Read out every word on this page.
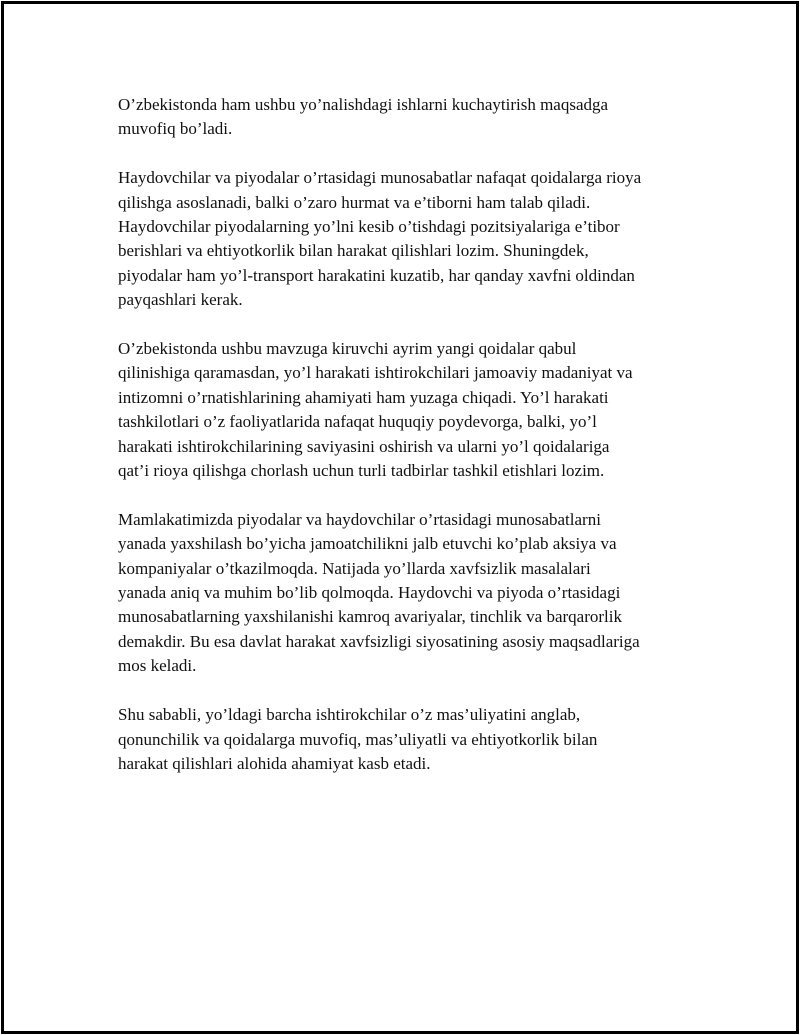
O’zbekistonda ham ushbu yo’nalishdagi ishlarni kuchaytirish maqsadga
muvofiq bo’ladi.

Haydovchilar va piyodalar o’rtasidagi munosabatlar nafaqat qoidalarga rioya
qilishga asoslanadi, balki o’zaro hurmat va e’tiborni ham talab qiladi.
Haydovchilar piyodalarning yo’lni kesib o’tishdagi pozitsiyalariga e’tibor
berishlari va ehtiyotkorlik bilan harakat qilishlari lozim. Shuningdek,
piyodalar ham yo’l-transport harakatini kuzatib, har qanday xavfni oldindan
payqashlari kerak.

O’zbekistonda ushbu mavzuga kiruvchi ayrim yangi qoidalar qabul
qilinishiga qaramasdan, yo’l harakati ishtirokchilari jamoaviy madaniyat va
intizomni o’rnatishlarining ahamiyati ham yuzaga chiqadi. Yo’l harakati
tashkilotlari o’z faoliyatlarida nafaqat huquqiy poydevorga, balki, yo’l
harakati ishtirokchilarining saviyasini oshirish va ularni yo’l qoidalariga
qat’i rioya qilishga chorlash uchun turli tadbirlar tashkil etishlari lozim.

Mamlakatimizda piyodalar va haydovchilar o’rtasidagi munosabatlarni
yanada yaxshilash bo’yicha jamoatchilikni jalb etuvchi ko’plab aksiya va
kompaniyalar o’tkazilmoqda. Natijada yo’llarda xavfsizlik masalalari
yanada aniq va muhim bo’lib qolmoqda. Haydovchi va piyoda o’rtasidagi
munosabatlarning yaxshilanishi kamroq avariyalar, tinchlik va barqarorlik
demakdir. Bu esa davlat harakat xavfsizligi siyosatining asosiy maqsadlariga
mos keladi.

Shu sababli, yo’ldagi barcha ishtirokchilar o’z mas’uliyatini anglab,
qonunchilik va qoidalarga muvofiq, mas’uliyatli va ehtiyotkorlik bilan
harakat qilishlari alohida ahamiyat kasb etadi.
